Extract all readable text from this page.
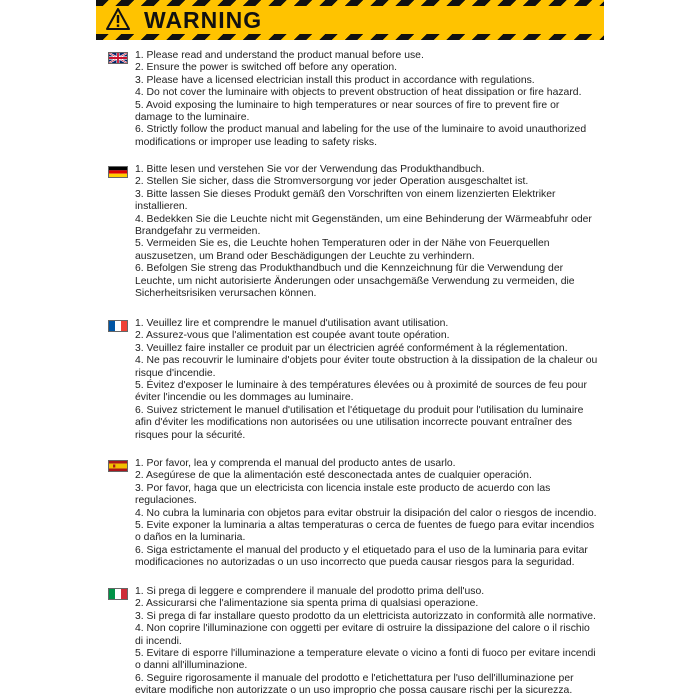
WARNING
1. Please read and understand the product manual before use.
2. Ensure the power is switched off before any operation.
3. Please have a licensed electrician install this product in accordance with regulations.
4. Do not cover the luminaire with objects to prevent obstruction of heat dissipation or fire hazard.
5. Avoid exposing the luminaire to high temperatures or near sources of fire to prevent fire or damage to the luminaire.
6. Strictly follow the product manual and labeling for the use of the luminaire to avoid unauthorized modifications or improper use leading to safety risks.
1. Bitte lesen und verstehen Sie vor der Verwendung das Produkthandbuch.
2. Stellen Sie sicher, dass die Stromversorgung vor jeder Operation ausgeschaltet ist.
3. Bitte lassen Sie dieses Produkt gemäß den Vorschriften von einem lizenzierten Elektriker installieren.
4. Bedekken Sie die Leuchte nicht mit Gegenständen, um eine Behinderung der Wärmeabfuhr oder Brandgefahr zu vermeiden.
5. Vermeiden Sie es, die Leuchte hohen Temperaturen oder in der Nähe von Feuerquellen auszusetzen, um Brand oder Beschädigungen der Leuchte zu verhindern.
6. Befolgen Sie streng das Produkthandbuch und die Kennzeichnung für die Verwendung der Leuchte, um nicht autorisierte Änderungen oder unsachgemäße Verwendung zu vermeiden, die Sicherheitsrisiken verursachen können.
1. Veuillez lire et comprendre le manuel d'utilisation avant utilisation.
2. Assurez-vous que l'alimentation est coupée avant toute opération.
3. Veuillez faire installer ce produit par un électricien agréé conformément à la réglementation.
4. Ne pas recouvrir le luminaire d'objets pour éviter toute obstruction à la dissipation de la chaleur ou risque d'incendie.
5. Évitez d'exposer le luminaire à des températures élevées ou à proximité de sources de feu pour éviter l'incendie ou les dommages au luminaire.
6. Suivez strictement le manuel d'utilisation et l'étiquetage du produit pour l'utilisation du luminaire afin d'éviter les modifications non autorisées ou une utilisation incorrecte pouvant entraîner des risques pour la sécurité.
1. Por favor, lea y comprenda el manual del producto antes de usarlo.
2. Asegúrese de que la alimentación esté desconectada antes de cualquier operación.
3. Por favor, haga que un electricista con licencia instale este producto de acuerdo con las regulaciones.
4. No cubra la luminaria con objetos para evitar obstruir la disipación del calor o riesgos de incendio.
5. Evite exponer la luminaria a altas temperaturas o cerca de fuentes de fuego para evitar incendios o daños en la luminaria.
6. Siga estrictamente el manual del producto y el etiquetado para el uso de la luminaria para evitar modificaciones no autorizadas o un uso incorrecto que pueda causar riesgos para la seguridad.
1. Si prega di leggere e comprendere il manuale del prodotto prima dell'uso.
2. Assicurarsi che l'alimentazione sia spenta prima di qualsiasi operazione.
3. Si prega di far installare questo prodotto da un elettricista autorizzato in conformità alle normative.
4. Non coprire l'illuminazione con oggetti per evitare di ostruire la dissipazione del calore o il rischio di incendi.
5. Evitare di esporre l'illuminazione a temperature elevate o vicino a fonti di fuoco per evitare incendi o danni all'illuminazione.
6. Seguire rigorosamente il manuale del prodotto e l'etichettatura per l'uso dell'illuminazione per evitare modifiche non autorizzate o un uso improprio che possa causare rischi per la sicurezza.
